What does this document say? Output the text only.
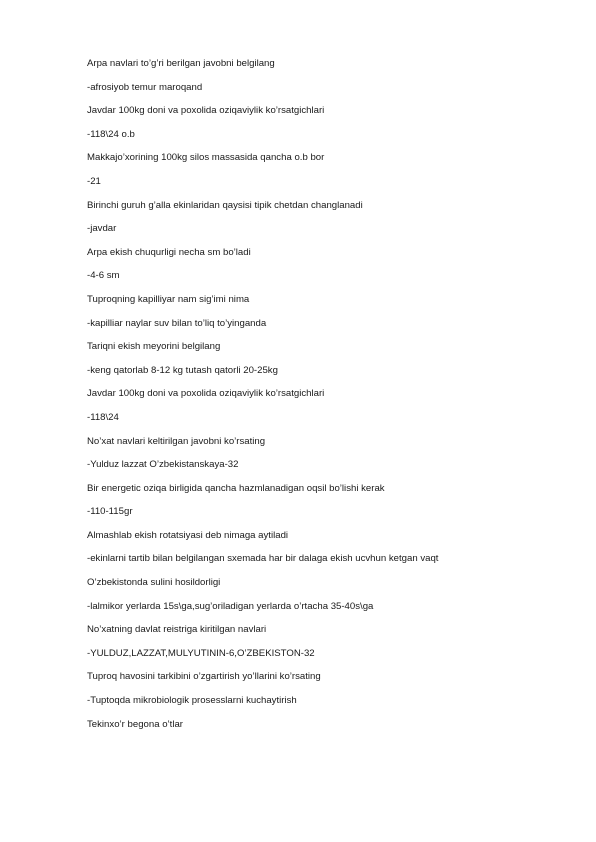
Arpa navlari to’g’ri berilgan javobni belgilang
-afrosiyob temur maroqand
Javdar 100kg doni va poxolida oziqaviylik ko’rsatgichlari
-118\24 o.b
Makkajo’xorining 100kg silos massasida qancha o.b bor
-21
Birinchi guruh g’alla ekinlaridan qaysisi tipik chetdan changlanadi
-javdar
Arpa ekish chuqurligi necha sm bo’ladi
-4-6 sm
Tuproqning kapilliyar nam sig’imi nima
-kapilliar naylar suv bilan to’liq to’yinganda
Tariqni ekish meyorini belgilang
-keng qatorlab 8-12 kg tutash qatorli 20-25kg
Javdar 100kg doni va poxolida oziqaviylik ko’rsatgichlari
-118\24
No’xat navlari keltirilgan javobni ko’rsating
-Yulduz lazzat O’zbekistanskaya-32
Bir energetic oziqa birligida qancha hazmlanadigan oqsil bo’lishi kerak
-110-115gr
Almashlab ekish rotatsiyasi deb nimaga aytiladi
-ekinlarni tartib bilan belgilangan sxemada har bir dalaga ekish ucvhun ketgan vaqt
O’zbekistonda sulini hosildorligi
-lalmikor yerlarda 15s\ga,sug’oriladigan yerlarda o’rtacha 35-40s\ga
No’xatning davlat reistriga kiritilgan navlari
-YULDUZ,LAZZAT,MULYUTININ-6,O’ZBEKISTON-32
Tuproq havosini tarkibini o’zgartirish yo’llarini ko’rsating
-Tuptoqda mikrobiologik prosesslarni kuchaytirish
Tekinxo’r begona o’tlar
